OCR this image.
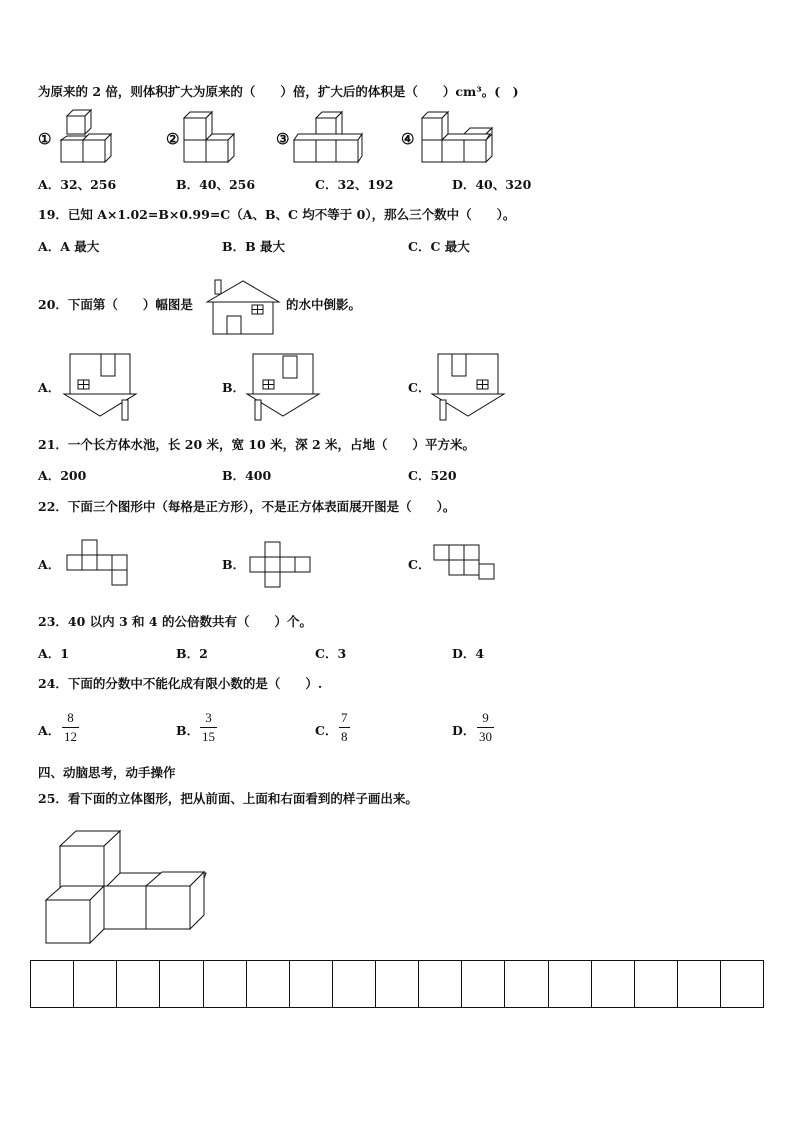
为原来的 2 倍，则体积扩大为原来的（　　）倍，扩大后的体积是（　　）cm³。(　)
①	②	③	④
A．32、256	B．40、256	C．32、192	D．40、320
19．已知 A×1.02=B×0.99=C（A、B、C 均不等于 0），那么三个数中（　　）。
A．A 最大	B．B 最大	C．C 最大
20．下面第（　　）幅图是	的水中倒影。
A．	B．	C．
21．一个长方体水池，长 20 米，宽 10 米，深 2 米，占地（　　）平方米。
A．200	B．400	C．520
22．下面三个图形中（每格是正方形），不是正方体表面展开图是（　　）。
A．	B．	C．
23．40 以内 3 和 4 的公倍数共有（　　）个。
A．1	B．2	C．3	D．4
24．下面的分数中不能化成有限小数的是（　　）.
A．
8
12	B．
3
15	C．
7
8	D．
9
30
四、动脑思考，动手操作
25．看下面的立体图形，把从前面、上面和右面看到的样子画出来。
